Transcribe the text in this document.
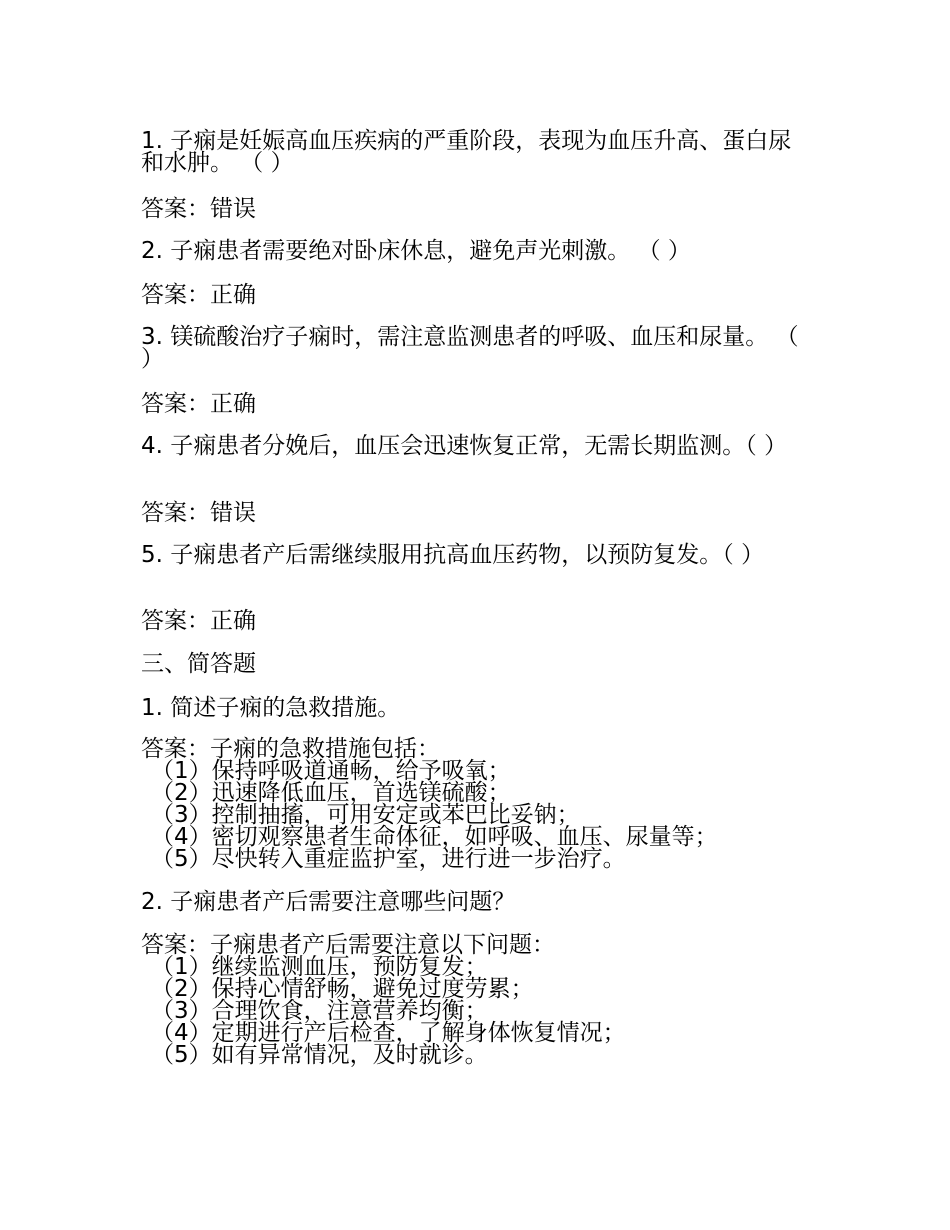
1. 子痫是妊娠高血压疾病的严重阶段，表现为血压升高、蛋白尿和水肿。 （ ）
答案：错误
2. 子痫患者需要绝对卧床休息，避免声光刺激。 （ ）
答案：正确
3. 镁硫酸治疗子痫时，需注意监测患者的呼吸、血压和尿量。 （ ）
答案：正确
4. 子痫患者分娩后，血压会迅速恢复正常，无需长期监测。（ ）
答案：错误
5. 子痫患者产后需继续服用抗高血压药物，以预防复发。（ ）
答案：正确
三、简答题
1. 简述子痫的急救措施。
答案：子痫的急救措施包括：
（1）保持呼吸道通畅，给予吸氧；
（2）迅速降低血压，首选镁硫酸；
（3）控制抽搐，可用安定或苯巴比妥钠；
（4）密切观察患者生命体征，如呼吸、血压、尿量等；
（5）尽快转入重症监护室，进行进一步治疗。
2. 子痫患者产后需要注意哪些问题？
答案：子痫患者产后需要注意以下问题：
（1）继续监测血压，预防复发；
（2）保持心情舒畅，避免过度劳累；
（3）合理饮食，注意营养均衡；
（4）定期进行产后检查，了解身体恢复情况；
（5）如有异常情况，及时就诊。
